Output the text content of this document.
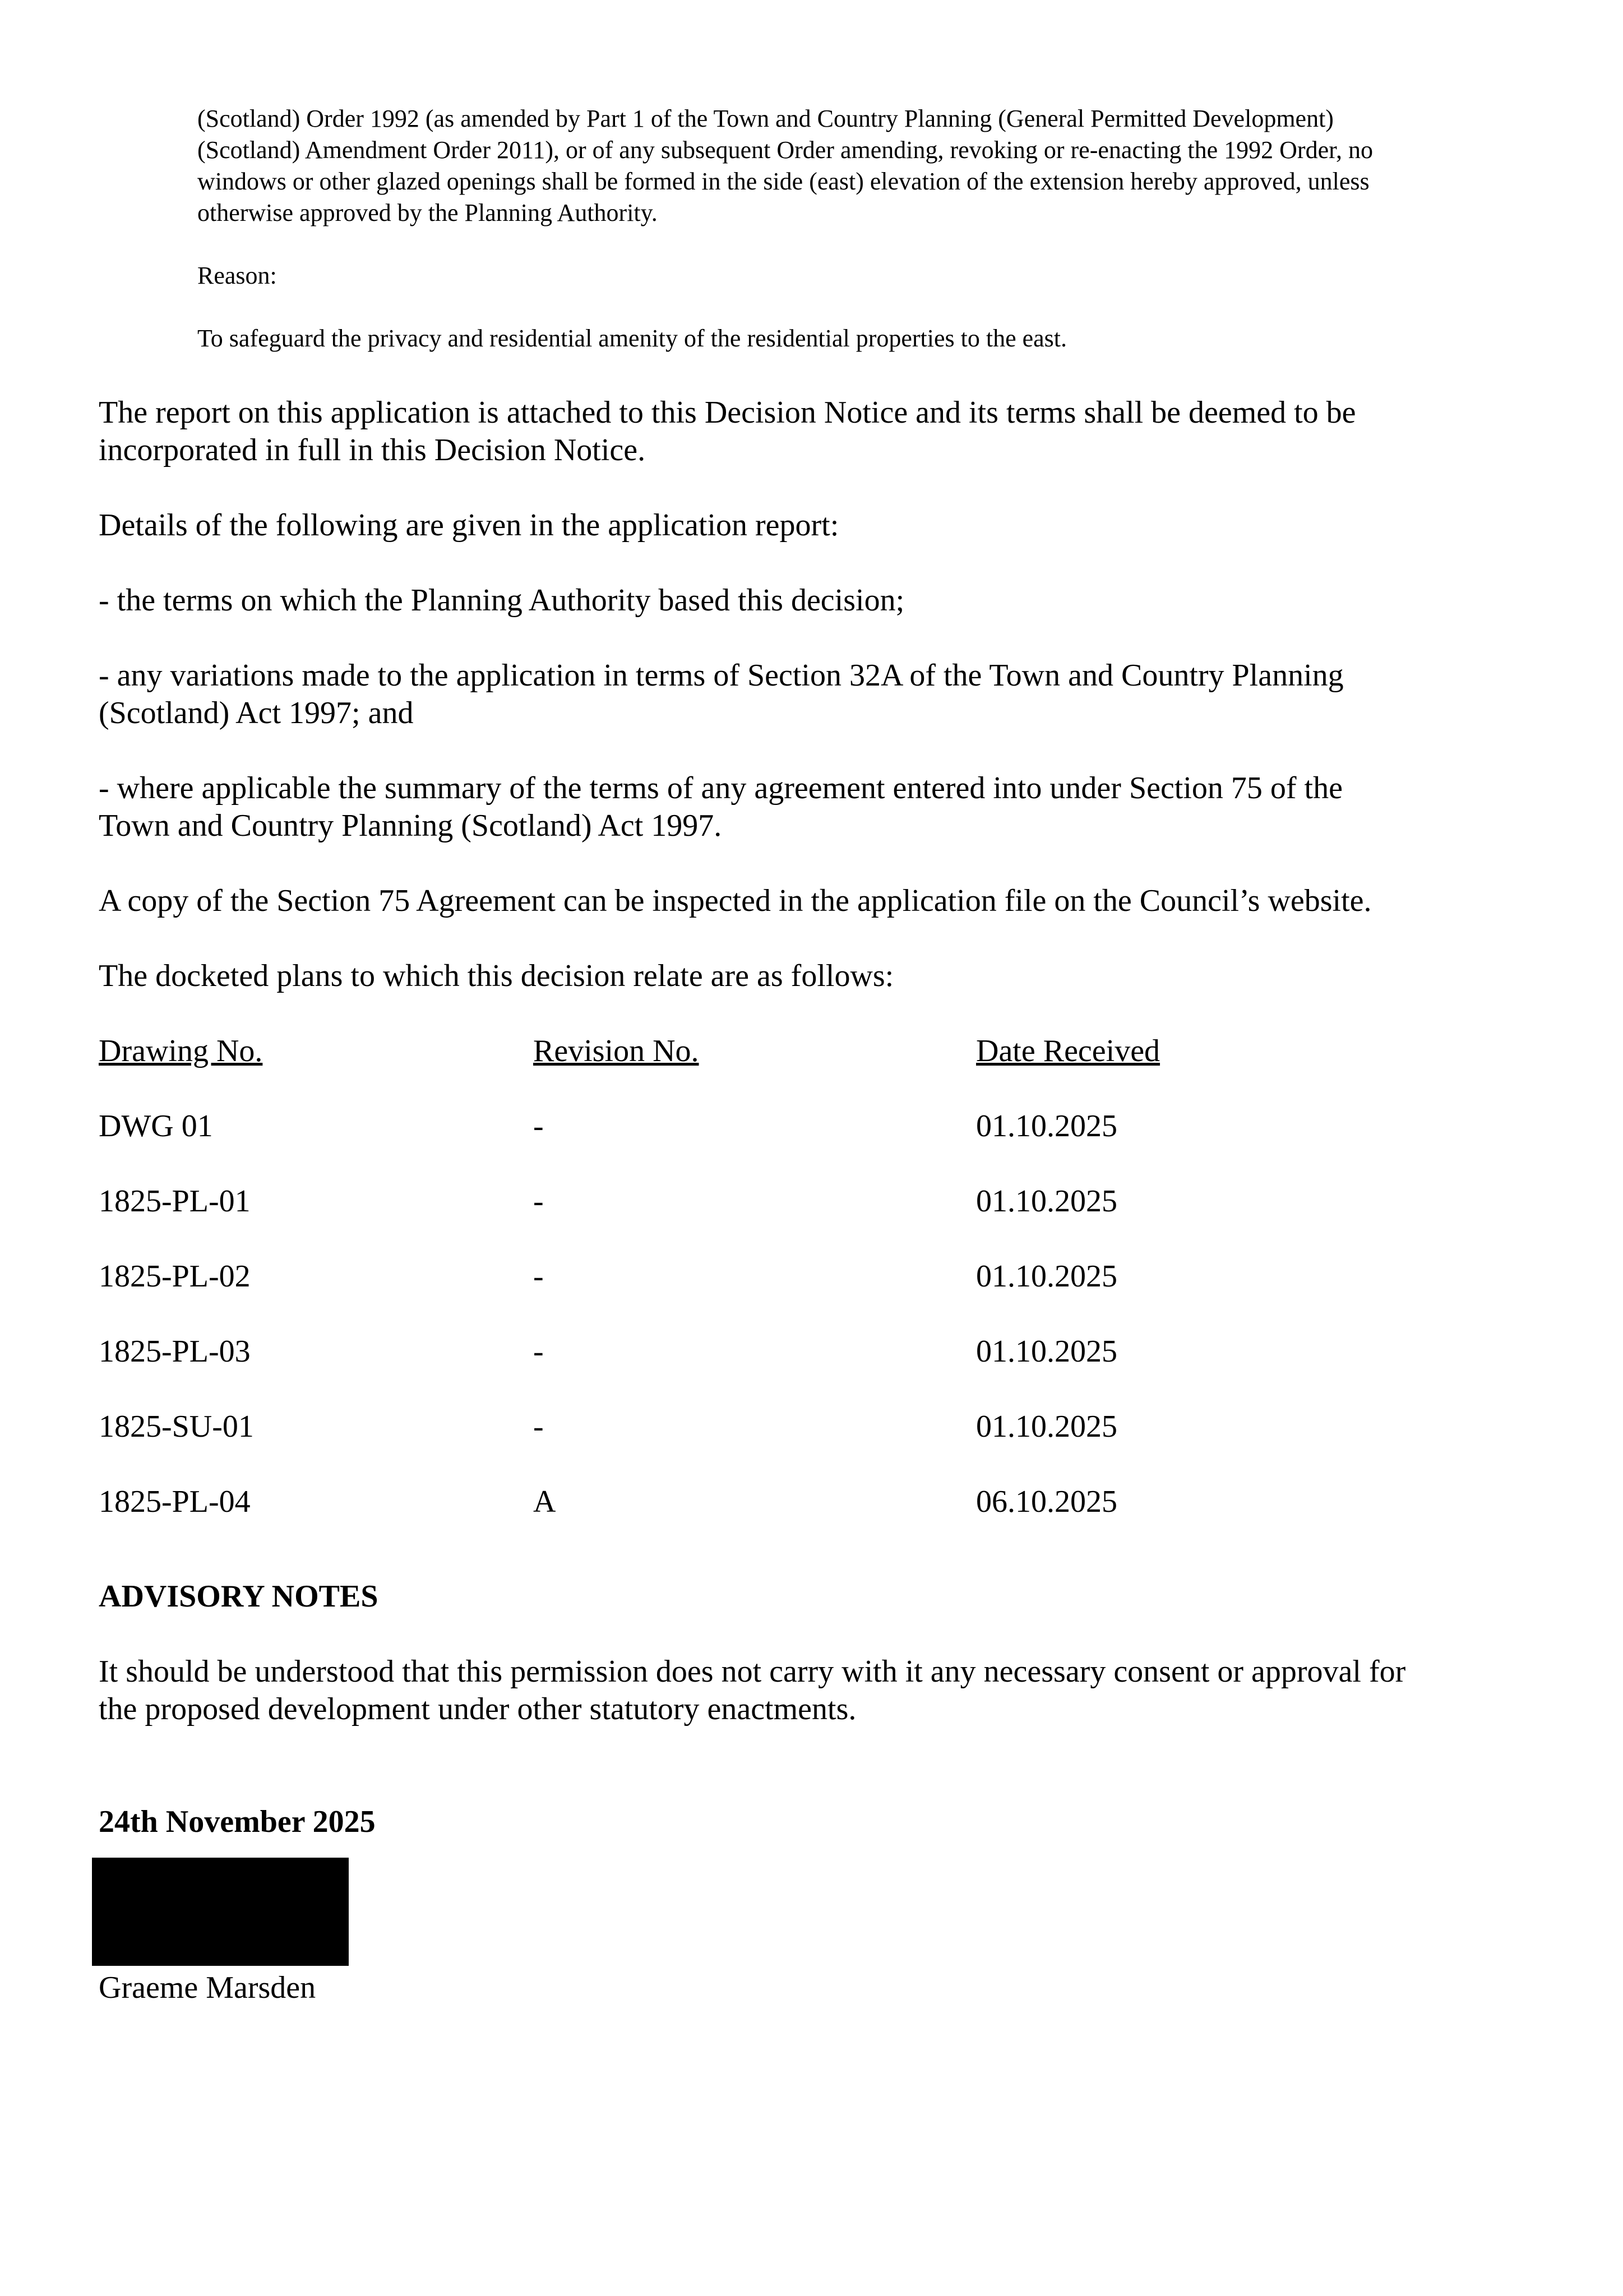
(Scotland) Order 1992 (as amended by Part 1 of the Town and Country Planning (General Permitted Development) (Scotland) Amendment Order 2011), or of any subsequent Order amending, revoking or re-enacting the 1992 Order, no windows or other glazed openings shall be formed in the side (east) elevation of the extension hereby approved, unless otherwise approved by the Planning Authority.

Reason:

To safeguard the privacy and residential amenity of the residential properties to the east.

The report on this application is attached to this Decision Notice and its terms shall be deemed to be incorporated in full in this Decision Notice.

Details of the following are given in the application report:

- the terms on which the Planning Authority based this decision;

- any variations made to the application in terms of Section 32A of the Town and Country Planning (Scotland) Act 1997; and

- where applicable the summary of the terms of any agreement entered into under Section 75 of the Town and Country Planning (Scotland) Act 1997.

A copy of the Section 75 Agreement can be inspected in the application file on the Council’s website.

The docketed plans to which this decision relate are as follows:

Drawing No.	Revision No.	Date Received
DWG 01	-	01.10.2025
1825-PL-01	-	01.10.2025
1825-PL-02	-	01.10.2025
1825-PL-03	-	01.10.2025
1825-SU-01	-	01.10.2025
1825-PL-04	A	06.10.2025

ADVISORY NOTES

It should be understood that this permission does not carry with it any necessary consent or approval for the proposed development under other statutory enactments.

24th November 2025

Graeme Marsden
